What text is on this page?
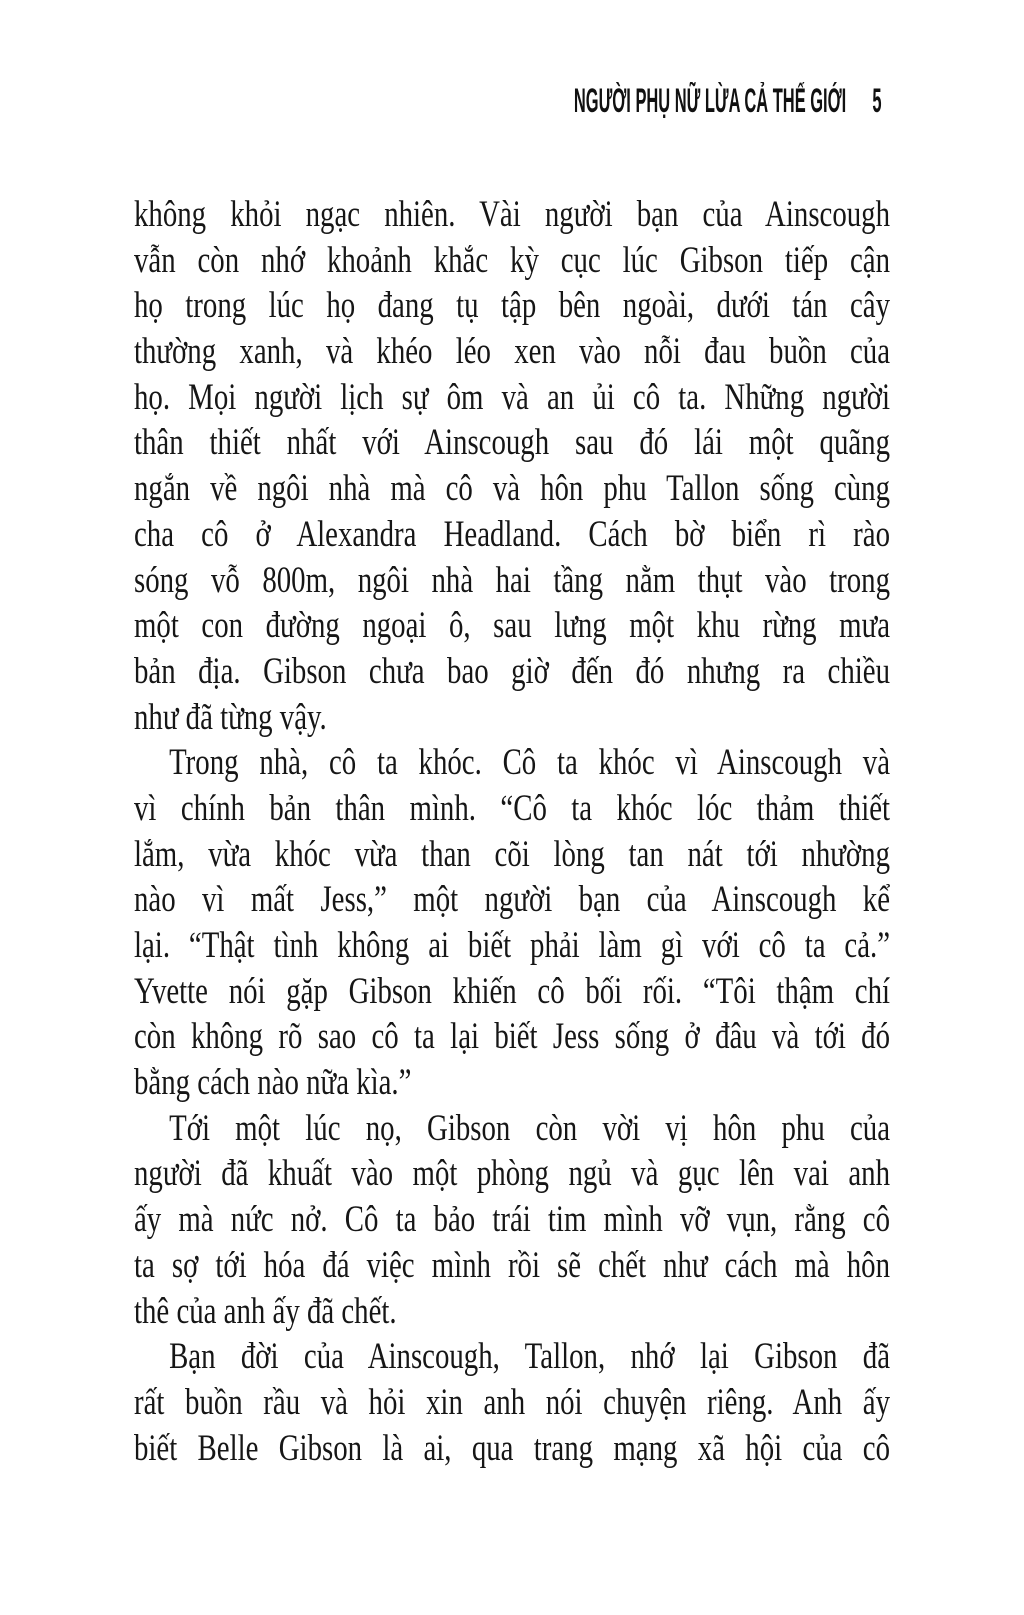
NGƯỜI PHỤ NỮ LỪA CẢ THẾ GIỚI 5
không khỏi ngạc nhiên. Vài người bạn của Ainscough
vẫn còn nhớ khoảnh khắc kỳ cục lúc Gibson tiếp cận
họ trong lúc họ đang tụ tập bên ngoài, dưới tán cây
thường xanh, và khéo léo xen vào nỗi đau buồn của
họ. Mọi người lịch sự ôm và an ủi cô ta. Những người
thân thiết nhất với Ainscough sau đó lái một quãng
ngắn về ngôi nhà mà cô và hôn phu Tallon sống cùng
cha cô ở Alexandra Headland. Cách bờ biển rì rào
sóng vỗ 800m, ngôi nhà hai tầng nằm thụt vào trong
một con đường ngoại ô, sau lưng một khu rừng mưa
bản địa. Gibson chưa bao giờ đến đó nhưng ra chiều
như đã từng vậy.
Trong nhà, cô ta khóc. Cô ta khóc vì Ainscough và
vì chính bản thân mình. “Cô ta khóc lóc thảm thiết
lắm, vừa khóc vừa than cõi lòng tan nát tới nhường
nào vì mất Jess,” một người bạn của Ainscough kể
lại. “Thật tình không ai biết phải làm gì với cô ta cả.”
Yvette nói gặp Gibson khiến cô bối rối. “Tôi thậm chí
còn không rõ sao cô ta lại biết Jess sống ở đâu và tới đó
bằng cách nào nữa kìa.”
Tới một lúc nọ, Gibson còn vời vị hôn phu của
người đã khuất vào một phòng ngủ và gục lên vai anh
ấy mà nức nở. Cô ta bảo trái tim mình vỡ vụn, rằng cô
ta sợ tới hóa đá việc mình rồi sẽ chết như cách mà hôn
thê của anh ấy đã chết.
Bạn đời của Ainscough, Tallon, nhớ lại Gibson đã
rất buồn rầu và hỏi xin anh nói chuyện riêng. Anh ấy
biết Belle Gibson là ai, qua trang mạng xã hội của cô
